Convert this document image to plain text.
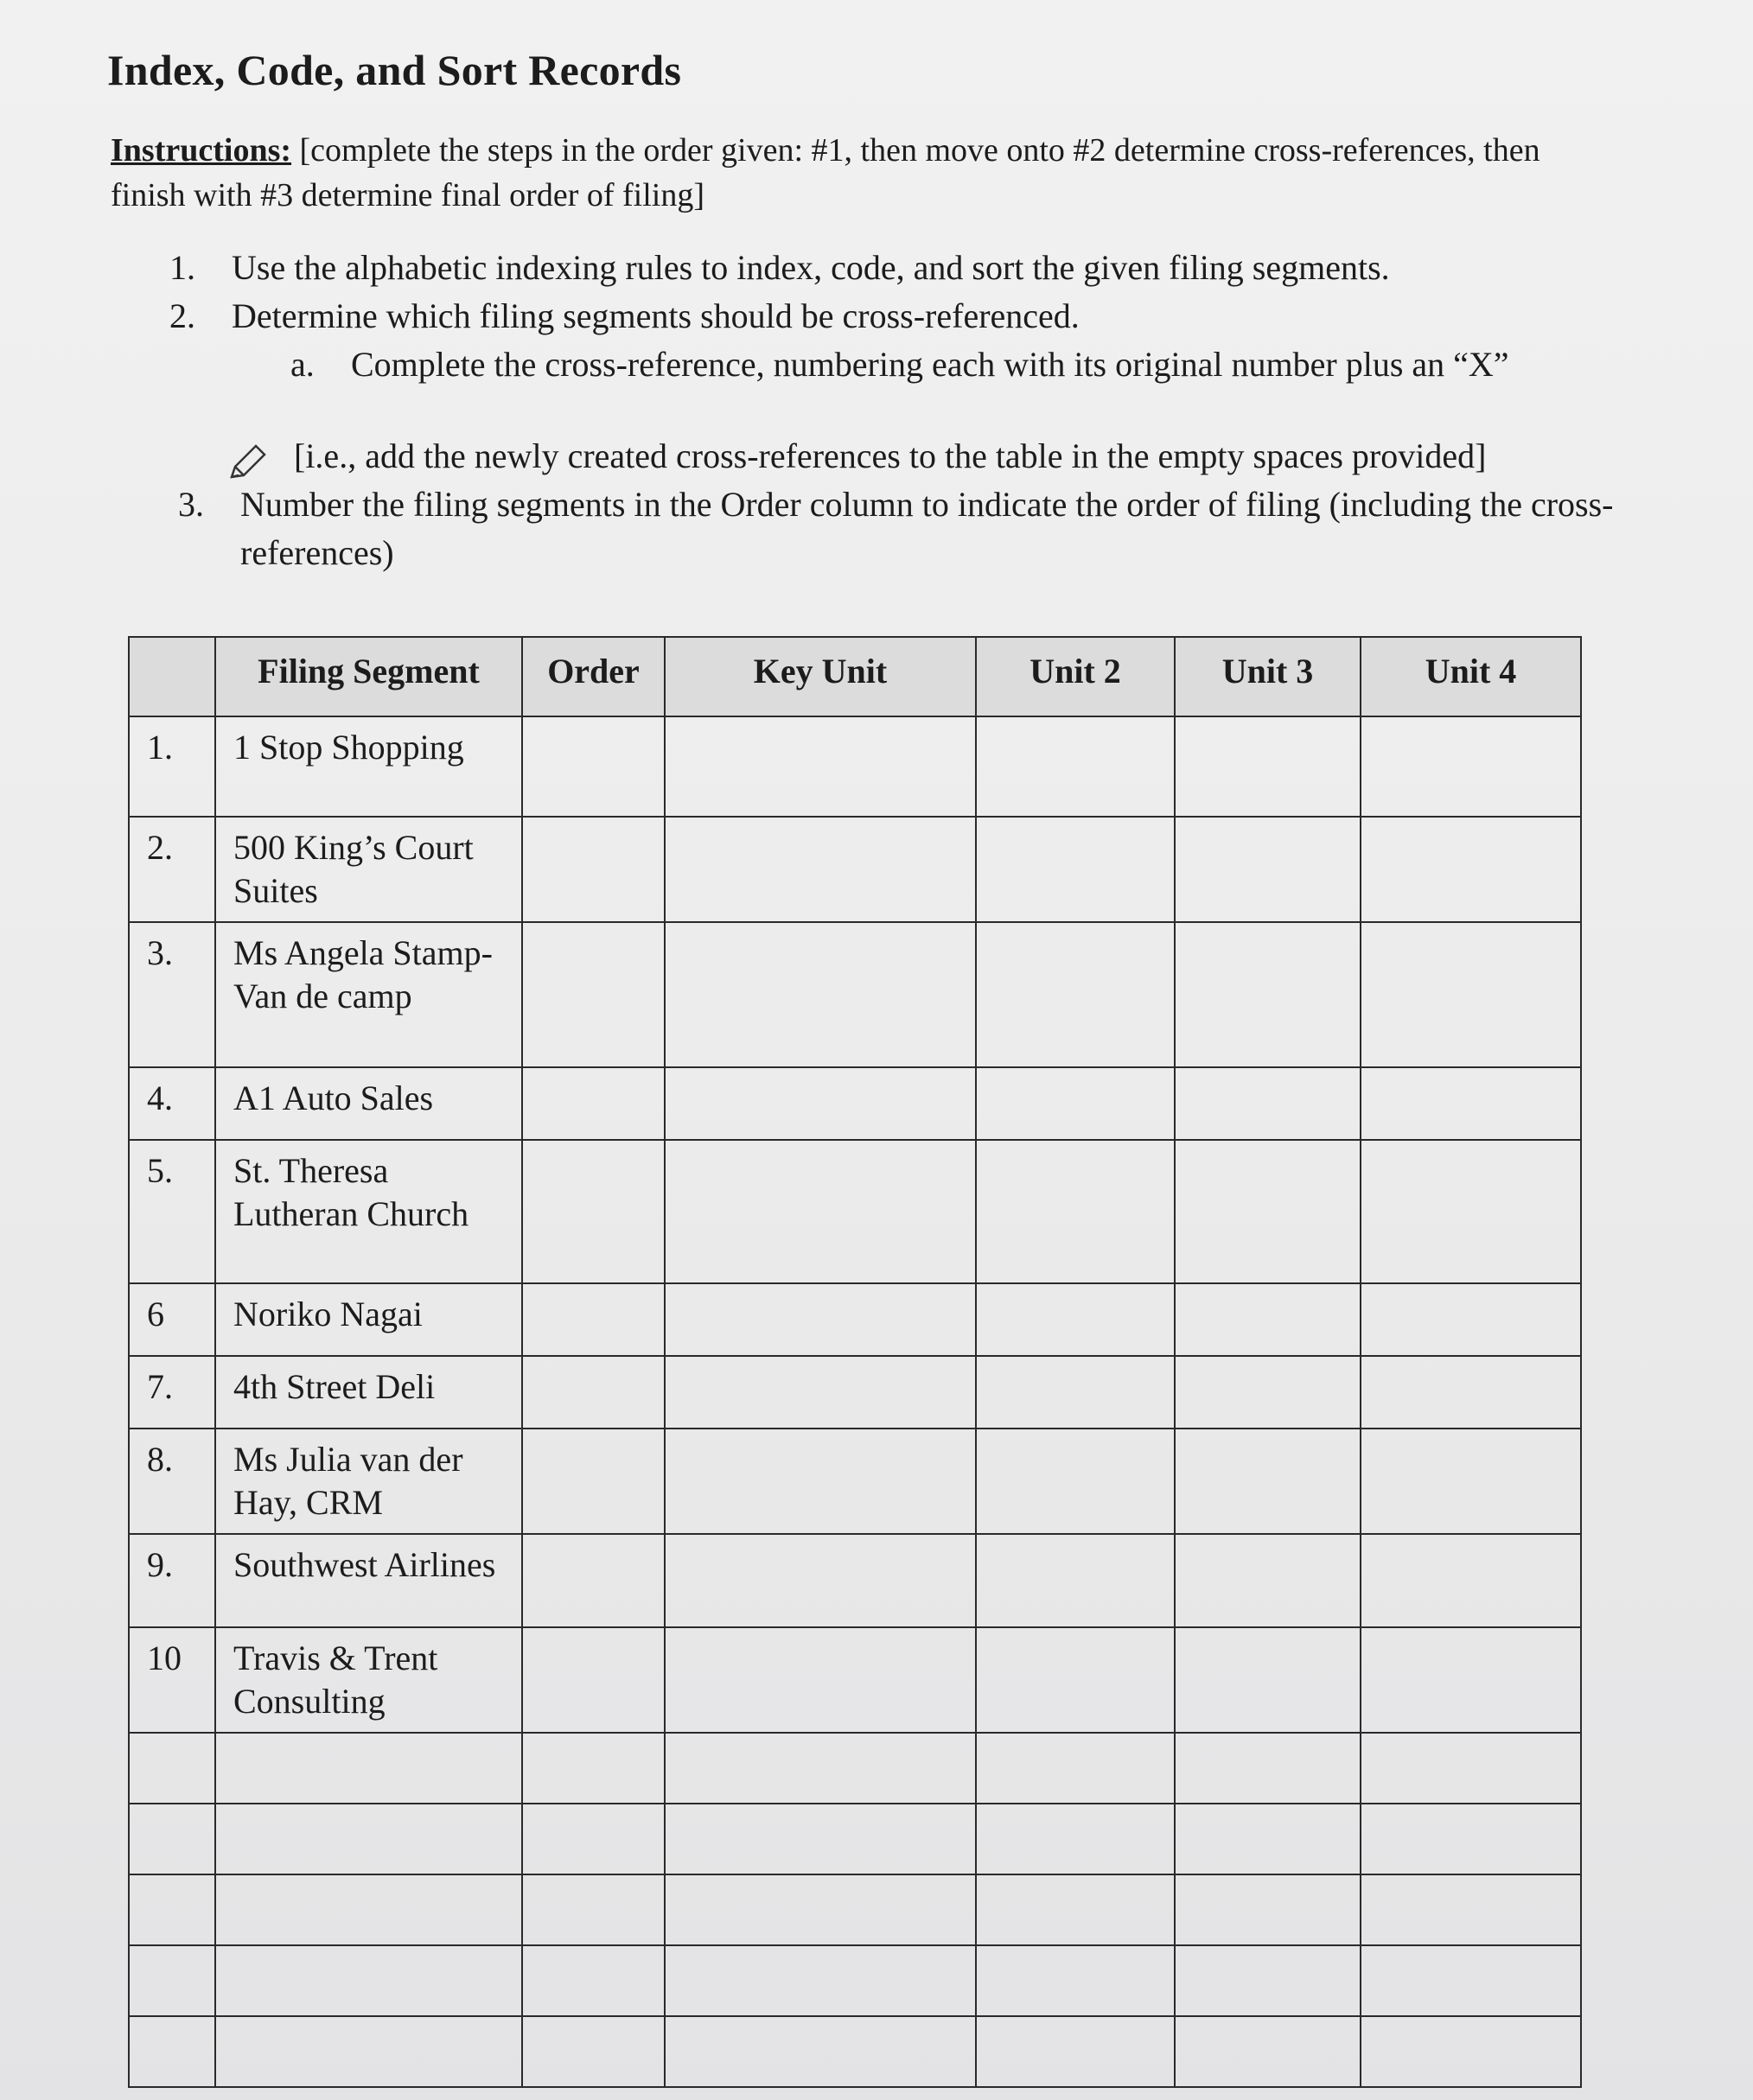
Index, Code, and Sort Records
Instructions: [complete the steps in the order given: #1, then move onto #2 determine cross-references, then finish with #3 determine final order of filing]
1.	Use the alphabetic indexing rules to index, code, and sort the given filing segments.
2.	Determine which filing segments should be cross-referenced.
a.	Complete the cross-reference, numbering each with its original number plus an “X”
[i.e., add the newly created cross-references to the table in the empty spaces provided]
3.	Number the filing segments in the Order column to indicate the order of filing (including the cross-references)
	Filing Segment	Order	Key Unit	Unit 2	Unit 3	Unit 4
1.	1 Stop Shopping					
2.	500 King’s Court Suites					
3.	Ms Angela Stamp-Van de camp					
4.	A1 Auto Sales					
5.	St. Theresa Lutheran Church					
6	Noriko Nagai					
7.	4th Street Deli					
8.	Ms Julia van der Hay, CRM					
9.	Southwest Airlines					
10	Travis & Trent Consulting					
